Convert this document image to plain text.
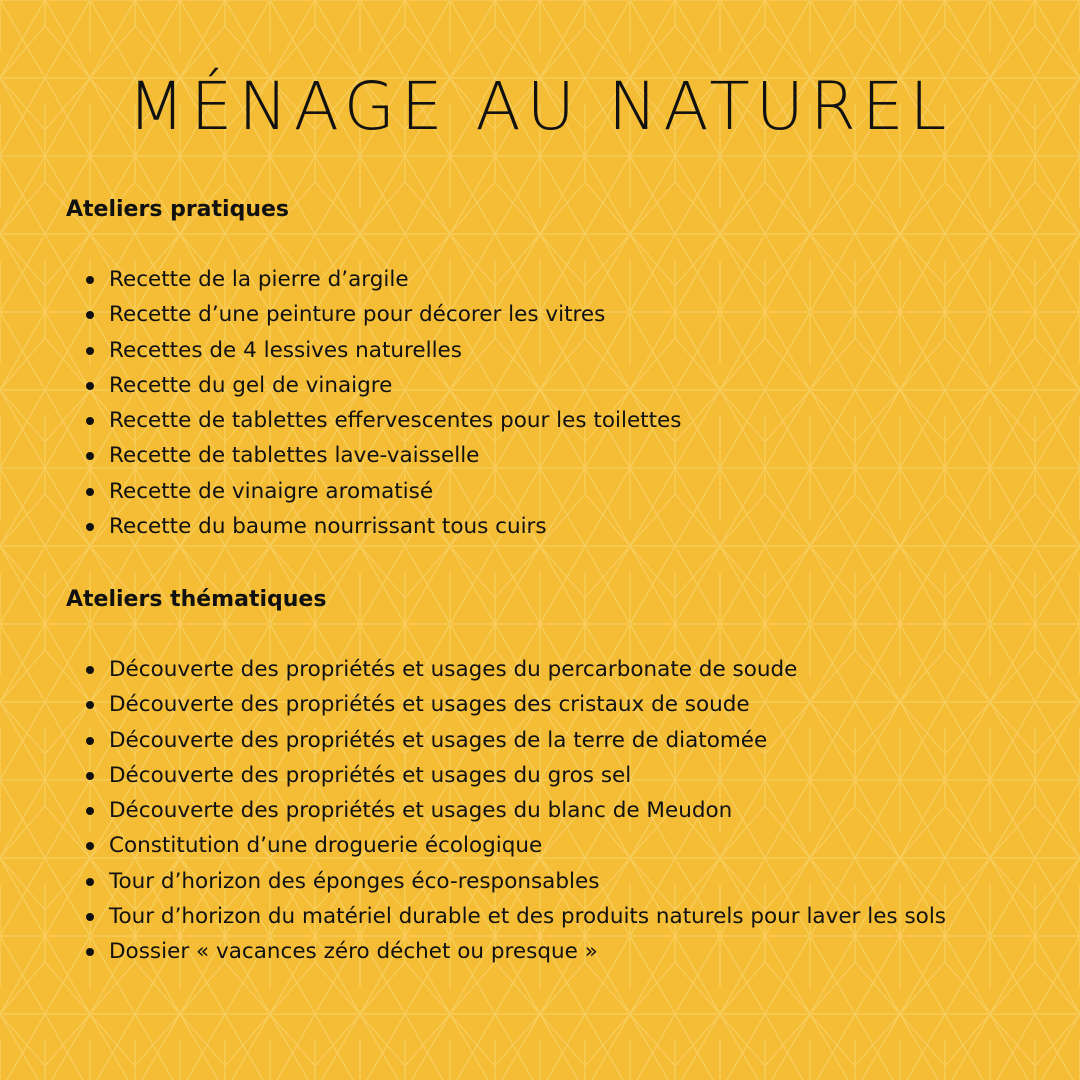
MÉNAGE AU NATUREL
Ateliers pratiques
Recette de la pierre d’argile
Recette d’une peinture pour décorer les vitres
Recettes de 4 lessives naturelles
Recette du gel de vinaigre
Recette de tablettes effervescentes pour les toilettes
Recette de tablettes lave-vaisselle
Recette de vinaigre aromatisé
Recette du baume nourrissant tous cuirs
Ateliers thématiques
Découverte des propriétés et usages du percarbonate de soude
Découverte des propriétés et usages des cristaux de soude
Découverte des propriétés et usages de la terre de diatomée
Découverte des propriétés et usages du gros sel
Découverte des propriétés et usages du blanc de Meudon
Constitution d’une droguerie écologique
Tour d’horizon des éponges éco-responsables
Tour d’horizon du matériel durable et des produits naturels pour laver les sols
Dossier « vacances zéro déchet ou presque »
